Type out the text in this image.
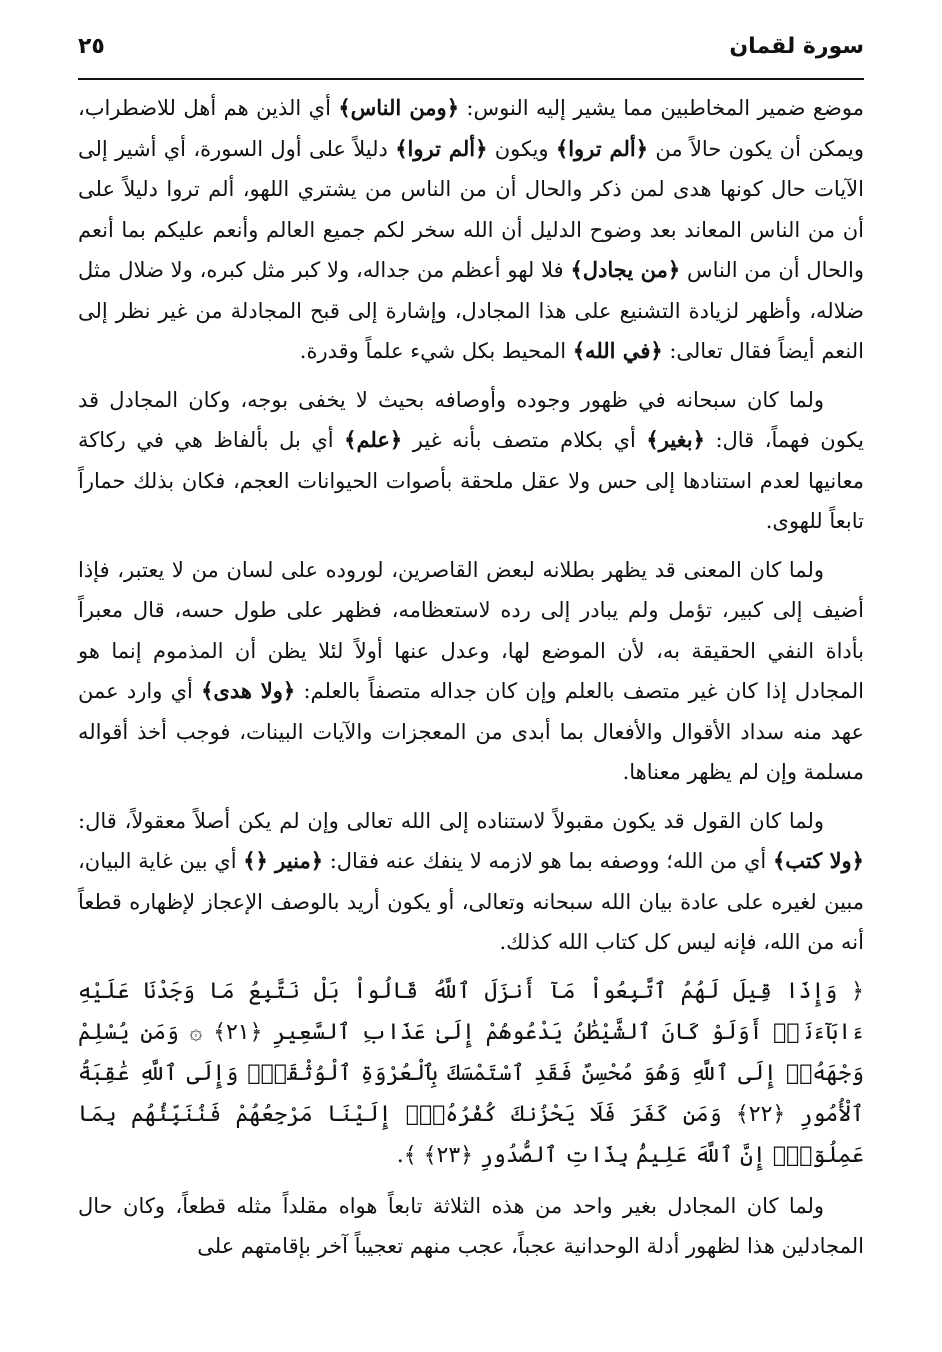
سورة لقمان
٢٥

موضع ضمير المخاطبين مما يشير إليه النوس: ﴿ومن الناس﴾ أي الذين هم أهل للاضطراب، ويمكن أن يكون حالاً من ﴿ألم تروا﴾ ويكون ﴿ألم تروا﴾ دليلاً على أول السورة، أي أشير إلى الآيات حال كونها هدى لمن ذكر والحال أن من الناس من يشتري اللهو، ألم تروا دليلاً على أن من الناس المعاند بعد وضوح الدليل أن الله سخر لكم جميع العالم وأنعم عليكم بما أنعم والحال أن من الناس ﴿من يجادل﴾ فلا لهو أعظم من جداله، ولا كبر مثل كبره، ولا ضلال مثل ضلاله، وأظهر لزيادة التشنيع على هذا المجادل، وإشارة إلى قبح المجادلة من غير نظر إلى النعم أيضاً فقال تعالى: ﴿في الله﴾ المحيط بكل شيء علماً وقدرة.

ولما كان سبحانه في ظهور وجوده وأوصافه بحيث لا يخفى بوجه، وكان المجادل قد يكون فهماً، قال: ﴿بغير﴾ أي بكلام متصف بأنه غير ﴿علم﴾ أي بل بألفاظ هي في ركاكة معانيها لعدم استنادها إلى حس ولا عقل ملحقة بأصوات الحيوانات العجم، فكان بذلك حماراً تابعاً للهوى.

ولما كان المعنى قد يظهر بطلانه لبعض القاصرين، لوروده على لسان من لا يعتبر، فإذا أضيف إلى كبير، تؤمل ولم يبادر إلى رده لاستعظامه، فظهر على طول حسه، قال معبراً بأداة النفي الحقيقة به، لأن الموضع لها، وعدل عنها أولاً لئلا يظن أن المذموم إنما هو المجادل إذا كان غير متصف بالعلم وإن كان جداله متصفاً بالعلم: ﴿ولا هدى﴾ أي وارد عمن عهد منه سداد الأقوال والأفعال بما أبدى من المعجزات والآيات البينات، فوجب أخذ أقواله مسلمة وإن لم يظهر معناها.

ولما كان القول قد يكون مقبولاً لاستناده إلى الله تعالى وإن لم يكن أصلاً معقولاً، قال: ﴿ولا كتب﴾ أي من الله؛ ووصفه بما هو لازمه لا ينفك عنه فقال: ﴿منير ﴿﴾ أي بين غاية البيان، مبين لغيره على عادة بيان الله سبحانه وتعالى، أو يكون أريد بالوصف الإعجاز لإظهاره قطعاً أنه من الله، فإنه ليس كل كتاب الله كذلك.

﴿ وَإِذَا قِيلَ لَهُمُ ٱتَّبِعُواْ مَآ أَنزَلَ ٱللَّهُ قَالُواْ بَلْ نَتَّبِعُ مَا وَجَدْنَا عَلَيْهِ ءَابَآءَنَآۚ أَوَلَوْ كَانَ ٱلشَّيْطَٰنُ يَدْعُوهُمْ إِلَىٰ عَذَابِ ٱلسَّعِيرِ ﴿٢١﴾ ۞ وَمَن يُسْلِمْ وَجْهَهُۥٓ إِلَى ٱللَّهِ وَهُوَ مُحْسِنٌ فَقَدِ ٱسْتَمْسَكَ بِٱلْعُرْوَةِ ٱلْوُثْقَىٰۗ وَإِلَى ٱللَّهِ عَٰقِبَةُ ٱلْأُمُورِ ﴿٢٢﴾ وَمَن كَفَرَ فَلَا يَحْزُنكَ كُفْرُهُۥٓۚ إِلَيْنَا مَرْجِعُهُمْ فَنُنَبِّئُهُم بِمَا عَمِلُوٓاْۚ إِنَّ ٱللَّهَ عَلِيمُۢ بِذَاتِ ٱلصُّدُورِ ﴿٢٣﴾ ﴾.

ولما كان المجادل بغير واحد من هذه الثلاثة تابعاً هواه مقلداً مثله قطعاً، وكان حال المجادلين هذا لظهور أدلة الوحدانية عجباً، عجب منهم تعجيباً آخر بإقامتهم على
